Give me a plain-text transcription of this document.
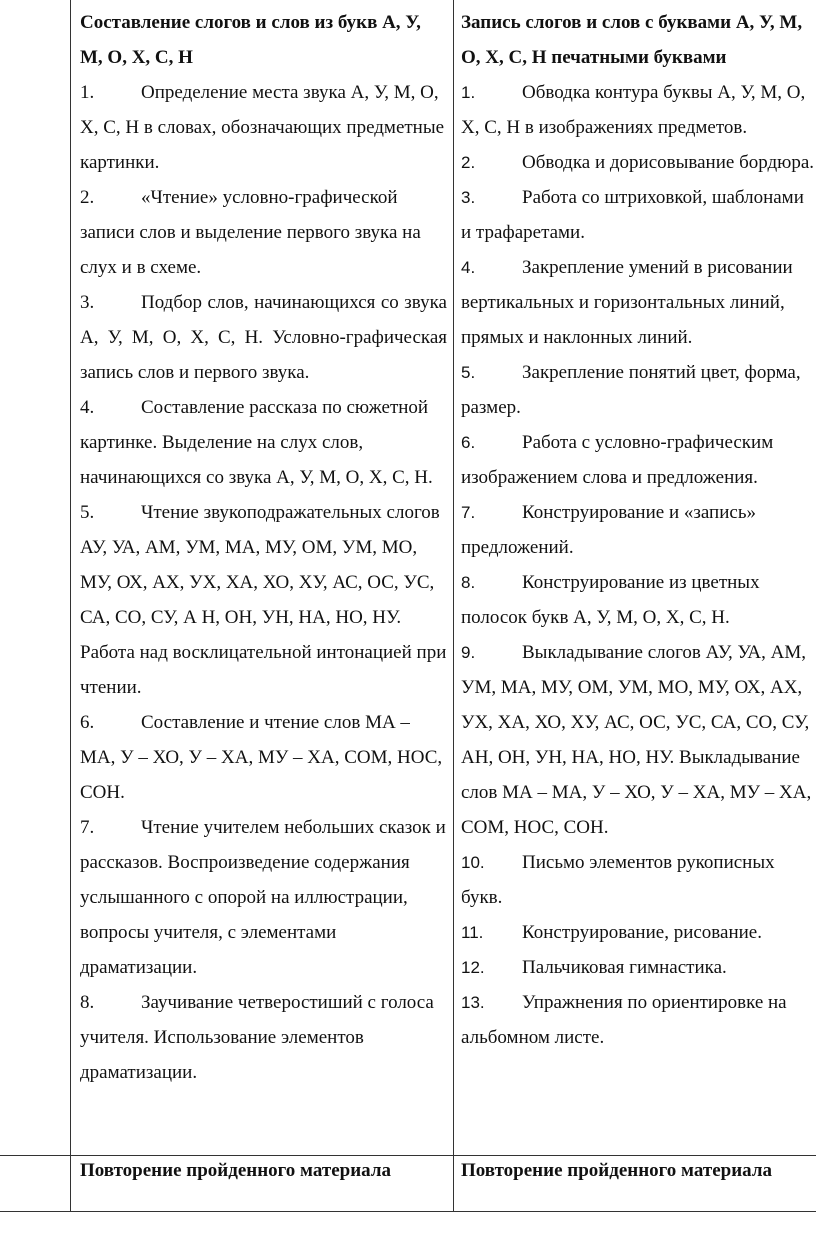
Составление слогов и слов из букв А, У, М, О, Х, С, Н

1. Определение места звука А, У, М, О, Х, С, Н в словах, обозначающих предметные картинки.

2. «Чтение» условно-графической записи слов и выделение первого звука на слух и в схеме.

3. Подбор слов, начинающихся со звука А, У, М, О, Х, С, Н. Условно-графическая запись слов и первого звука.

4. Составление рассказа по сюжетной картинке. Выделение на слух слов, начинающихся со звука А, У, М, О, Х, С, Н.

5. Чтение звукоподражательных слогов АУ, УА, АМ, УМ, МА, МУ, ОМ, УМ, МО, МУ, ОХ, АХ, УХ, ХА, ХО, ХУ, АС, ОС, УС, СА, СО, СУ, А Н, ОН, УН, НА, НО, НУ. Работа над восклицательной интонацией при чтении.

6. Составление и чтение слов МА – МА, У – ХО, У – ХА, МУ – ХА, СОМ, НОС, СОН.

7. Чтение учителем небольших сказок и рассказов. Воспроизведение содержания услышанного с опорой на иллюстрации, вопросы учителя, с элементами драматизации.

8. Заучивание четверостиший с голоса учителя. Использование элементов драматизации.

Запись слогов и слов с буквами А, У, М, О, Х, С, Н печатными буквами

1. Обводка контура буквы А, У, М, О, Х, С, Н в изображениях предметов.

2. Обводка и дорисовывание бордюра.

3. Работа со штриховкой, шаблонами и трафаретами.

4. Закрепление умений в рисовании вертикальных и горизонтальных линий, прямых и наклонных линий.

5. Закрепление понятий цвет, форма, размер.

6. Работа с условно-графическим изображением слова и предложения.

7. Конструирование и «запись» предложений.

8. Конструирование из цветных полосок букв А, У, М, О, Х, С, Н.

9. Выкладывание слогов АУ, УА, АМ, УМ, МА, МУ, ОМ, УМ, МО, МУ, ОХ, АХ, УХ, ХА, ХО, ХУ, АС, ОС, УС, СА, СО, СУ, АН, ОН, УН, НА, НО, НУ. Выкладывание слов МА – МА, У – ХО, У – ХА, МУ – ХА, СОМ, НОС, СОН.

10. Письмо элементов рукописных букв.

11. Конструирование, рисование.

12. Пальчиковая гимнастика.

13. Упражнения по ориентировке на альбомном листе.

Повторение пройденного материала	Повторение пройденного материала
